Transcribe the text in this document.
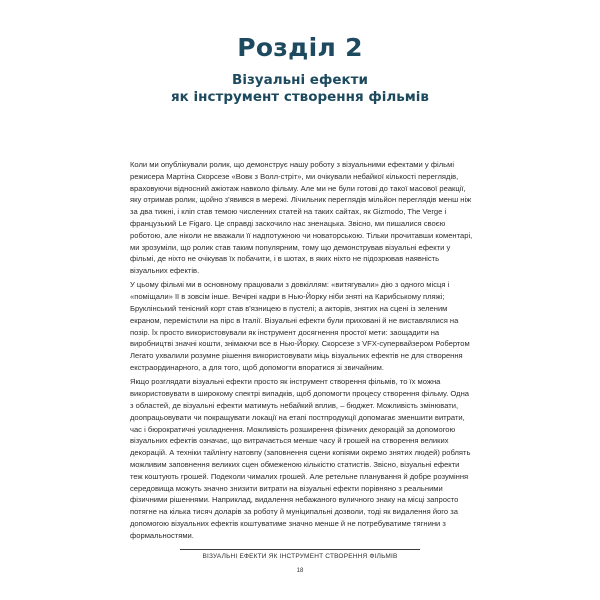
Розділ 2
Візуальні ефекти
як інструмент створення фільмів

Коли ми опублікували ролик, що демонструє нашу роботу з візуальними ефектами у фільмі режисера Мартіна Скорсезе «Вовк з Волл-стріт», ми очікували небайкої кількості переглядів, враховуючи відносний ажіотаж навколо фільму. Але ми не були готові до такої масової реакції, яку отримав ролик, щойно з'явився в мережі. Лічильник переглядів мільйон переглядів менш ніж за два тижні, і кліп став темою численних статей на таких сайтах, як Gizmodo, The Verge і французький Le Figaro. Це справді заскочило нас зненацька. Звісно, ми пишалися своєю роботою, але ніколи не вважали її надпотужною чи новаторською. Тільки прочитавши коментарі, ми зрозуміли, що ролик став таким популярним, тому що демонстрував візуальні ефекти у фільмі, де ніхто не очікував їх побачити, і в шотах, в яких ніхто не підозрював наявність візуальних ефектів.

У цьому фільмі ми в основному працювали з довкіллям: «витягували» дію з одного місця і «поміщали» її в зовсім інше. Вечірні кадри в Нью-Йорку ніби зняті на Карибському пляжі; Бруклінський тенісний корт став в'язницею в пустелі; а акторів, знятих на сцені із зеленим екраном, перемістили на пірс в Італії. Візуальні ефекти були приховані й не виставлялися на позір. Їх просто використовували як інструмент досягнення простої мети: заощадити на виробництві значні кошти, знімаючи все в Нью-Йорку. Скорсезе з VFX-супервайзером Робертом Легато ухвалили розумне рішення використовувати міць візуальних ефектів не для створення екстраординарного, а для того, щоб допомогти впоратися зі звичайним.

Якщо розглядати візуальні ефекти просто як інструмент створення фільмів, то їх можна використовувати в широкому спектрі випадків, щоб допомогти процесу створення фільму. Одна з областей, де візуальні ефекти матимуть небайкий вплив, – бюджет. Можливість змінювати, доопрацьовувати чи покращувати локації на етапі постпродукції допомагає зменшити витрати, час і бюрократичні ускладнення. Можливість розширення фізичних декорацій за допомогою візуальних ефектів означає, що витрачається менше часу й грошей на створення великих декорацій. А техніки тайлінгу натовпу (заповнення сцени копіями окремо знятих людей) роблять можливим заповнення великих сцен обмеженою кількістю статистів. Звісно, візуальні ефекти теж коштують грошей. Подеколи чималих грошей. Але ретельне планування й добре розуміння середовища можуть значно знизити витрати на візуальні ефекти порівняно з реальними фізичними рішеннями. Наприклад, видалення небажаного вуличного знаку на місці запросто потягне на кілька тисяч доларів за роботу й муніципальні дозволи, тоді як видалення його за допомогою візуальних ефектів коштуватиме значно менше й не потребуватиме тягнини з формальностями.

ВІЗУАЛЬНІ ЕФЕКТИ ЯК ІНСТРУМЕНТ СТВОРЕННЯ ФІЛЬМІВ
18
